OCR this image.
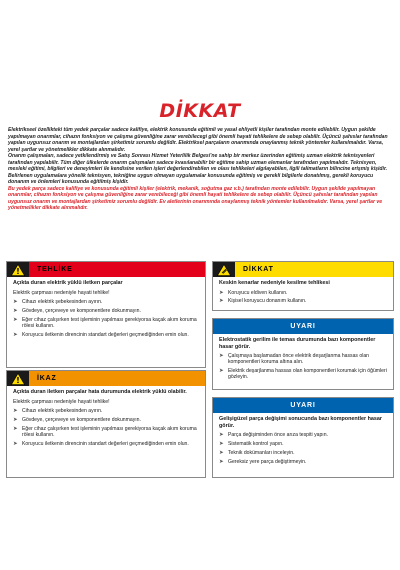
DİKKAT

Elektrikseel özellikteki tüm yedek parçalar sadece kalifiye, elektrik konusunda eğitimli ve yasal ehliyetli kişiler tarafından monte edilebilir. Uygun şekilde yapılmayan onarımlar, cihazın fonksiyon ve çalışma güvenliğine zarar verebilecegi gibi önemli hayati tehlikelere de sebep olabilir. Üçüncü şahıslar tarafından yapılan uygunsuz onarım ve montajlardan şirketimiz sorumlu değildir. Elektriksel parçaların onarımında onaylanmış teknik yöntemler kullanılmalıdır. Varsa, yerel şartlar ve yönetmelikler dikkate alınmalıdır.

Onarım çalışmaları, sadece yetkilendirmiş ve Satış Sonrası Hizmet Yeterlilik Belgesi'ne sahip bir merkez üzerinden eğitimiş uzman elektrik teknisyenleri tarafından yapılabilir. Tüm diğer ülkelerde onarım çalışmaları sadece kvasılanabilir bir eğitime sahip uzman elemanlar tarafından yapılmalıdır. Teknisyen, mesleki eğitimi, bilgileri ve deneyimleri ile kendisine verilen işleri değerlendirebilen ve olası tehlikeleri algılayabilen, ilgili talimatların bilincine erişmiş kişidir. Belirlenen uygulamalara yönelik teknisyen, tekniğine uygun olmayan uygulamalar konusunda eğitimiş ve gerekli bilgilerle donatılmış, gerekli koruyucu donanım ve önlemleri konusunda eğitilmiş kişidir.

Bu yedek parça sadece kalifiye ve konusunda eğitimli kişiler (elektrik, mekanik, soğutma gaz v.b.) tarafından monte edilebilir. Uygun şekilde yapılmayan onarımlar, cihazın fonksiyon ve çalışma güvenliğine zarar verebileceği gibi önemli hayati tehlikelere de sebep olabilir. Üçüncü şahıslar tarafından yapılan uygunsuz onarım ve montajlardan şirketimiz sorumlu değildir. Ev aletlerinin onarımında onaylanmış teknik yöntemler kullanılmalıdır. Varsa, yerel şartlar ve yönetmelikler dikkate alınmalıdır.

! TEHLİKE
Açıkta duran elektrik yüklü iletken parçalar
Elektrik çarpması nedeniyle hayati tehlike!
➤ Cihazı elektrik şebekesinden ayırın.
➤ Gövdeye, çerçeveye ve komponentlere dokunmayın.
➤ Eğer cihaz çalışırken test işleminin yapılması gerekiyorsa kaçak akım koruma rölesi kullanın.
➤ Koruyucu iletkenin direncinin standart değerleri geçmediğinden emin olun.
! İKAZ
Açıkta duran iletken parçalar hata durumunda elektrik yüklü olabilir.
Elektrik çarpması nedeniyle hayati tehlike!
➤ Cihazı elektrik şebekesinden ayırın.
➤ Gövdeye, çerçeveye ve komponentlere dokunmayın.
➤ Eğer cihaz çalışırken test işleminin yapılması gerekiyorsa kaçak akım koruma rölesi kullanın.
➤ Koruyucu iletkenin direncinin standart değerleri geçmediğinden emin olun.
DİKKAT
Keskin kenarlar nedeniyle kesilme tehlikesi
➤ Koruyucu eldiven kullanın.
➤ Kişisel koruyucu donanım kullanın.
UYARI
Elektrostatik gerilim ile temas durumunda bazı komponentler hasar görür.
➤ Çalışmaya başlamadan önce elektrik deşarjlanma hassas olan komponentleri koruma altına alın.
➤ Elektrik deşarjlanma hassas olan komponentleri korumak için öğümleri gözleyin.
UYARI
Gelişigüzel parça değişimi sonucunda bazı komponentler hasar görür.
➤ Parça değişiminden önce arıza tespiti yapın.
➤ Sistematik kontrol yapın.
➤ Teknik dokümanları inceleyin.
➤ Gereksiz yere parça değiştirmeyin.
